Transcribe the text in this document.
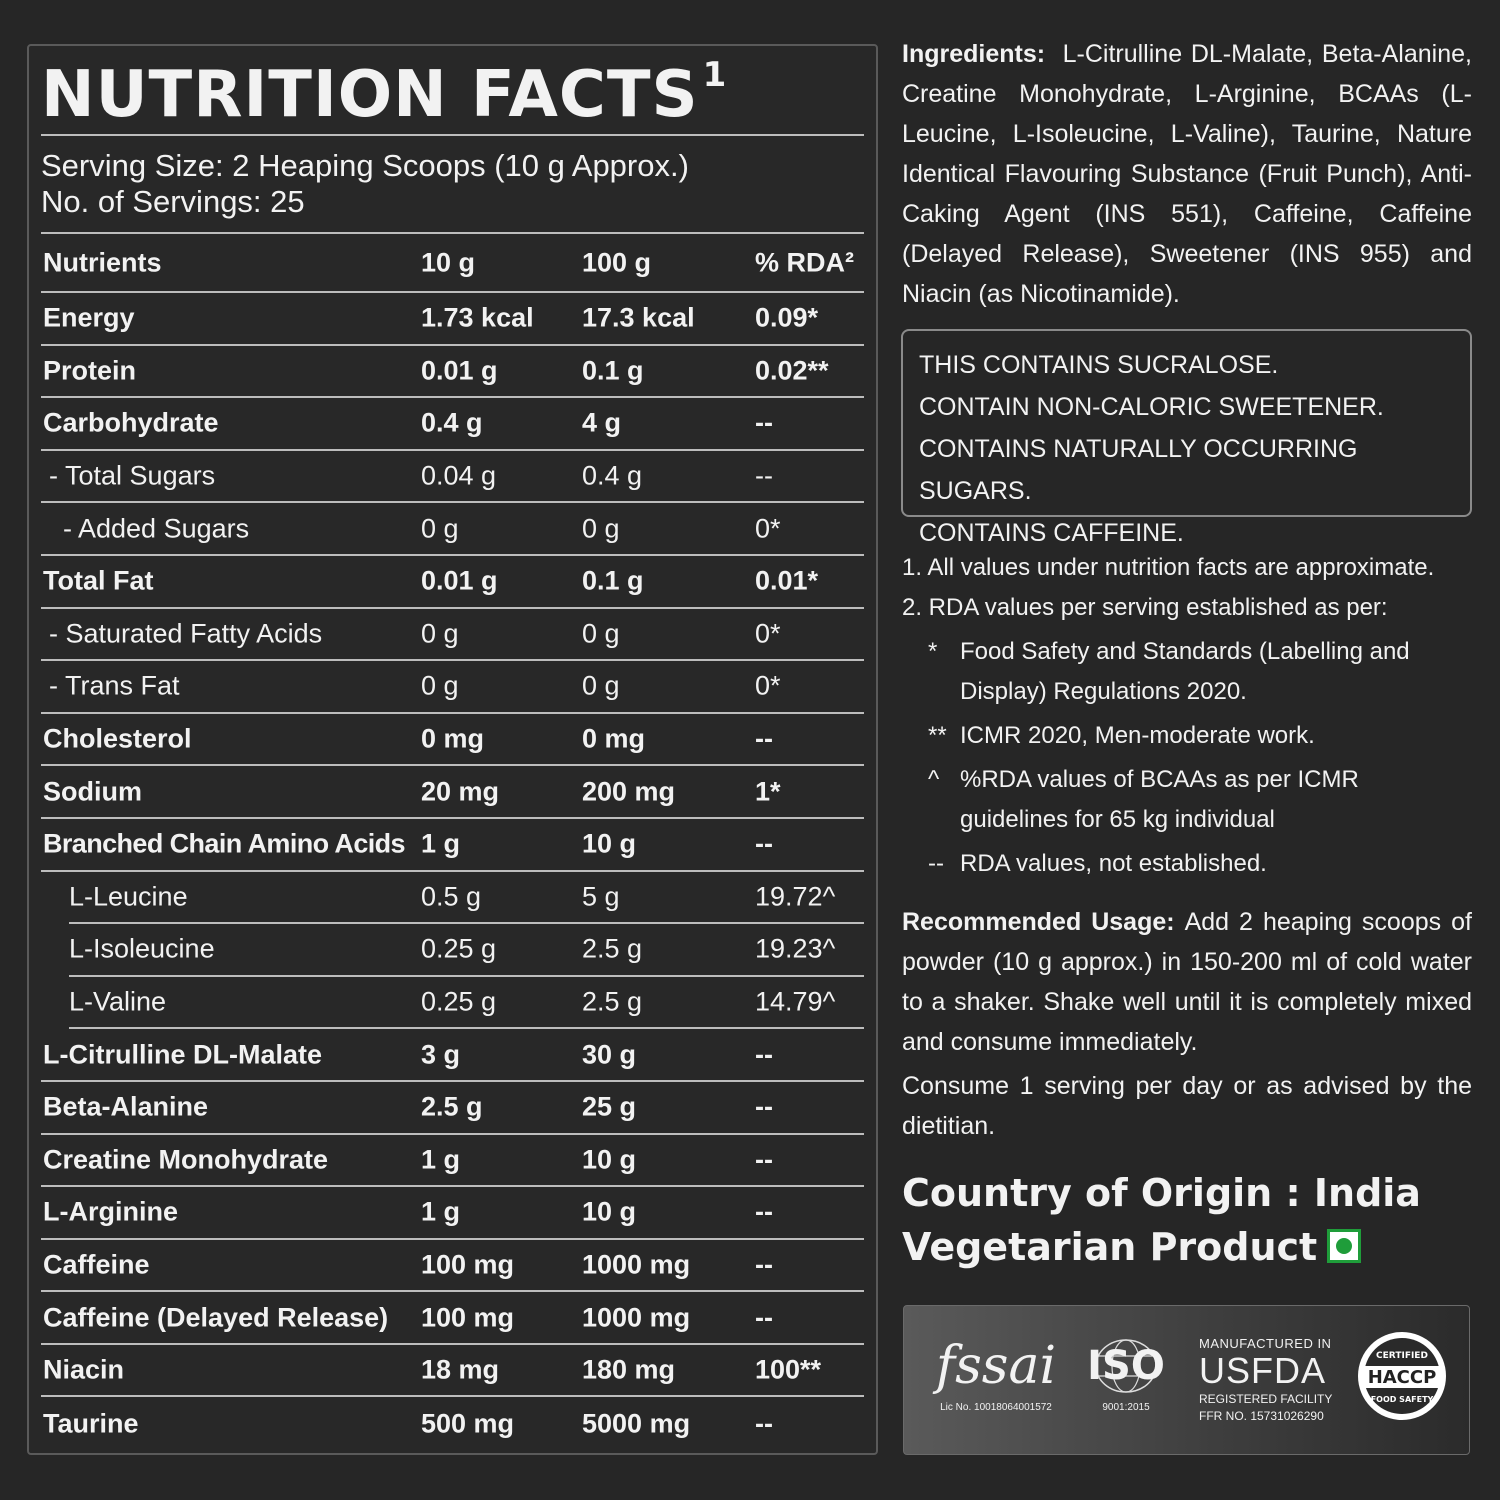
NUTRITION FACTS $^1$
Serving Size: 2 Heaping Scoops (10 g Approx.)
No. of Servings: 25
Nutrients	10 g	100 g	% RDA²
Energy	1.73 kcal 17.3 kcal 0.09*
Protein	0.01 g	0.1 g	0.02**
Carbohydrate	0.4 g	4 g	--
- Total Sugars	0.04 g	0.4 g	--
- Added Sugars	0 g	0 g	0*
Total Fat	0.01 g	0.1 g	0.01*
- Saturated Fatty Acids	0 g	0 g	0*
- Trans Fat	0 g	0 g	0*
Cholesterol	0 mg	0 mg	--
Sodium	20 mg	200 mg	1*
Branched Chain Amino Acids 1 g	10 g	--
L-Leucine	0.5 g	5 g	19.72^
L-Isoleucine	0.25 g	2.5 g	19.23^
L-Valine	0.25 g	2.5 g	14.79^
L-Citrulline DL-Malate	3 g	30 g	--
Beta-Alanine	2.5 g	25 g	--
Creatine Monohydrate	1 g	10 g	--
L-Arginine	1 g	10 g	--
Caffeine	100 mg	1000 mg --
Caffeine (Delayed Release) 100 mg	1000 mg --
Niacin	18 mg	180 mg	100**
Taurine	500 mg	5000 mg --
Ingredients: L-Citrulline DL-Malate, Beta-Alanine, Creatine Monohydrate, L-Arginine, BCAAs (L-Leucine, L-Isoleucine, L-Valine), Taurine, Nature Identical Flavouring Substance (Fruit Punch), Anti-Caking Agent (INS 551), Caffeine, Caffeine (Delayed Release), Sweetener (INS 955) and Niacin (as Nicotinamide).
THIS CONTAINS SUCRALOSE.
CONTAIN NON-CALORIC SWEETENER.
CONTAINS NATURALLY OCCURRING SUGARS.
CONTAINS CAFFEINE.
1. All values under nutrition facts are approximate.
2. RDA values per serving established as per:
* Food Safety and Standards (Labelling and Display) Regulations 2020.
** ICMR 2020, Men-moderate work.
^ %RDA values of BCAAs as per ICMR guidelines for 65 kg individual
-- RDA values, not established.
Recommended Usage: Add 2 heaping scoops of powder (10 g approx.) in 150-200 ml of cold water to a shaker. Shake well until it is completely mixed and consume immediately.

Consume 1 serving per day or as advised by the dietitian.

Country of Origin : India
Vegetarian Product
fssai
Lic No. 10018064001572
ISO
9001:2015
MANUFACTURED IN
USFDA
REGISTERED FACILITY
FFR NO. 15731026290
HACCP
CERTIFIED
FOOD SAFETY
